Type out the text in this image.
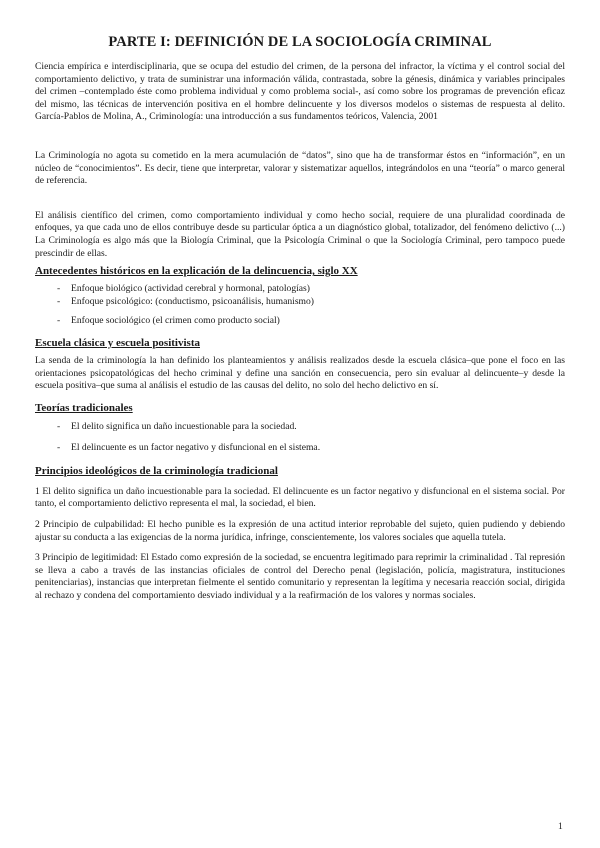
PARTE I: DEFINICIÓN DE LA SOCIOLOGÍA CRIMINAL

Ciencia empírica e interdisciplinaria, que se ocupa del estudio del crimen, de la persona del infractor, la víctima y el control social del comportamiento delictivo, y trata de suministrar una información válida, contrastada, sobre la génesis, dinámica y variables principales del crimen –contemplado éste como problema individual y como problema social-, así como sobre los programas de prevención eficaz del mismo, las técnicas de intervención positiva en el hombre delincuente y los diversos modelos o sistemas de respuesta al delito. García-Pablos de Molina, A., Criminología: una introducción a sus fundamentos teóricos, Valencia, 2001

La Criminología no agota su cometido en la mera acumulación de “datos”, sino que ha de transformar éstos en “información”, en un núcleo de “conocimientos”. Es decir, tiene que interpretar, valorar y sistematizar aquellos, integrándolos en una “teoría” o marco general de referencia.

El análisis científico del crimen, como comportamiento individual y como hecho social, requiere de una pluralidad coordinada de enfoques, ya que cada uno de ellos contribuye desde su particular óptica a un diagnóstico global, totalizador, del fenómeno delictivo (...) La Criminología es algo más que la Biología Criminal, que la Psicología Criminal o que la Sociología Criminal, pero tampoco puede prescindir de ellas.

Antecedentes históricos en la explicación de la delincuencia, siglo XX
- Enfoque biológico (actividad cerebral y hormonal, patologías)
- Enfoque psicológico: (conductismo, psicoanálisis, humanismo)
- Enfoque sociológico (el crimen como producto social)
Escuela clásica y escuela positivista

La senda de la criminología la han definido los planteamientos y análisis realizados desde la escuela clásica–que pone el foco en las orientaciones psicopatológicas del hecho criminal y define una sanción en consecuencia, pero sin evaluar al delincuente–y desde la escuela positiva–que suma al análisis el estudio de las causas del delito, no solo del hecho delictivo en sí.

Teorías tradicionales
- El delito significa un daño incuestionable para la sociedad.
- El delincuente es un factor negativo y disfuncional en el sistema.
Principios ideológicos de la criminología tradicional

1 El delito significa un daño incuestionable para la sociedad. El delincuente es un factor negativo y disfuncional en el sistema social. Por tanto, el comportamiento delictivo representa el mal, la sociedad, el bien.

2 Principio de culpabilidad: El hecho punible es la expresión de una actitud interior reprobable del sujeto, quien pudiendo y debiendo ajustar su conducta a las exigencias de la norma jurídica, infringe, conscientemente, los valores sociales que aquella tutela.

3 Principio de legitimidad: El Estado como expresión de la sociedad, se encuentra legitimado para reprimir la criminalidad . Tal represión se lleva a cabo a través de las instancias oficiales de control del Derecho penal (legislación, policía, magistratura, instituciones penitenciarias), instancias que interpretan fielmente el sentido comunitario y representan la legítima y necesaria reacción social, dirigida al rechazo y condena del comportamiento desviado individual y a la reafirmación de los valores y normas sociales.

1
